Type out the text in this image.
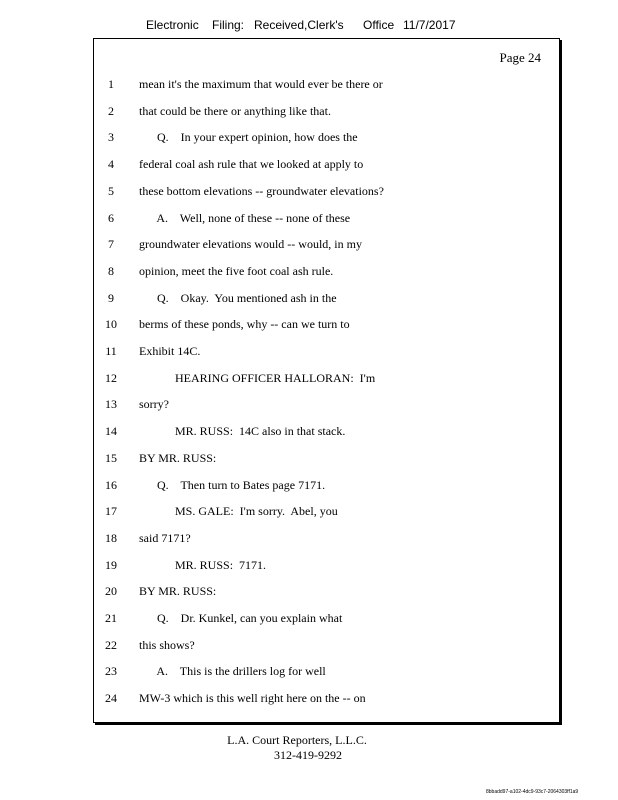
Electronic Filing: Received,Clerk's Office 11/7/2017
Page 24
1	mean it's the maximum that would ever be there or
2	that could be there or anything like that.
3	Q.    In your expert opinion, how does the
4	federal coal ash rule that we looked at apply to
5	these bottom elevations -- groundwater elevations?
6	A.    Well, none of these -- none of these
7	groundwater elevations would -- would, in my
8	opinion, meet the five foot coal ash rule.
9	Q.    Okay.  You mentioned ash in the
10	berms of these ponds, why -- can we turn to
11	Exhibit 14C.
12	HEARING OFFICER HALLORAN:  I'm
13	sorry?
14	MR. RUSS:  14C also in that stack.
15	BY MR. RUSS:
16	Q.    Then turn to Bates page 7171.
17	MS. GALE:  I'm sorry.  Abel, you
18	said 7171?
19	MR. RUSS:  7171.
20	BY MR. RUSS:
21	Q.    Dr. Kunkel, can you explain what
22	this shows?
23	A.    This is the drillers log for well
24	MW-3 which is this well right here on the -- on
L.A. Court Reporters, L.L.C.
312-419-9292
8bbadd97-a102-4dc9-93c7-2064303ff1a9
